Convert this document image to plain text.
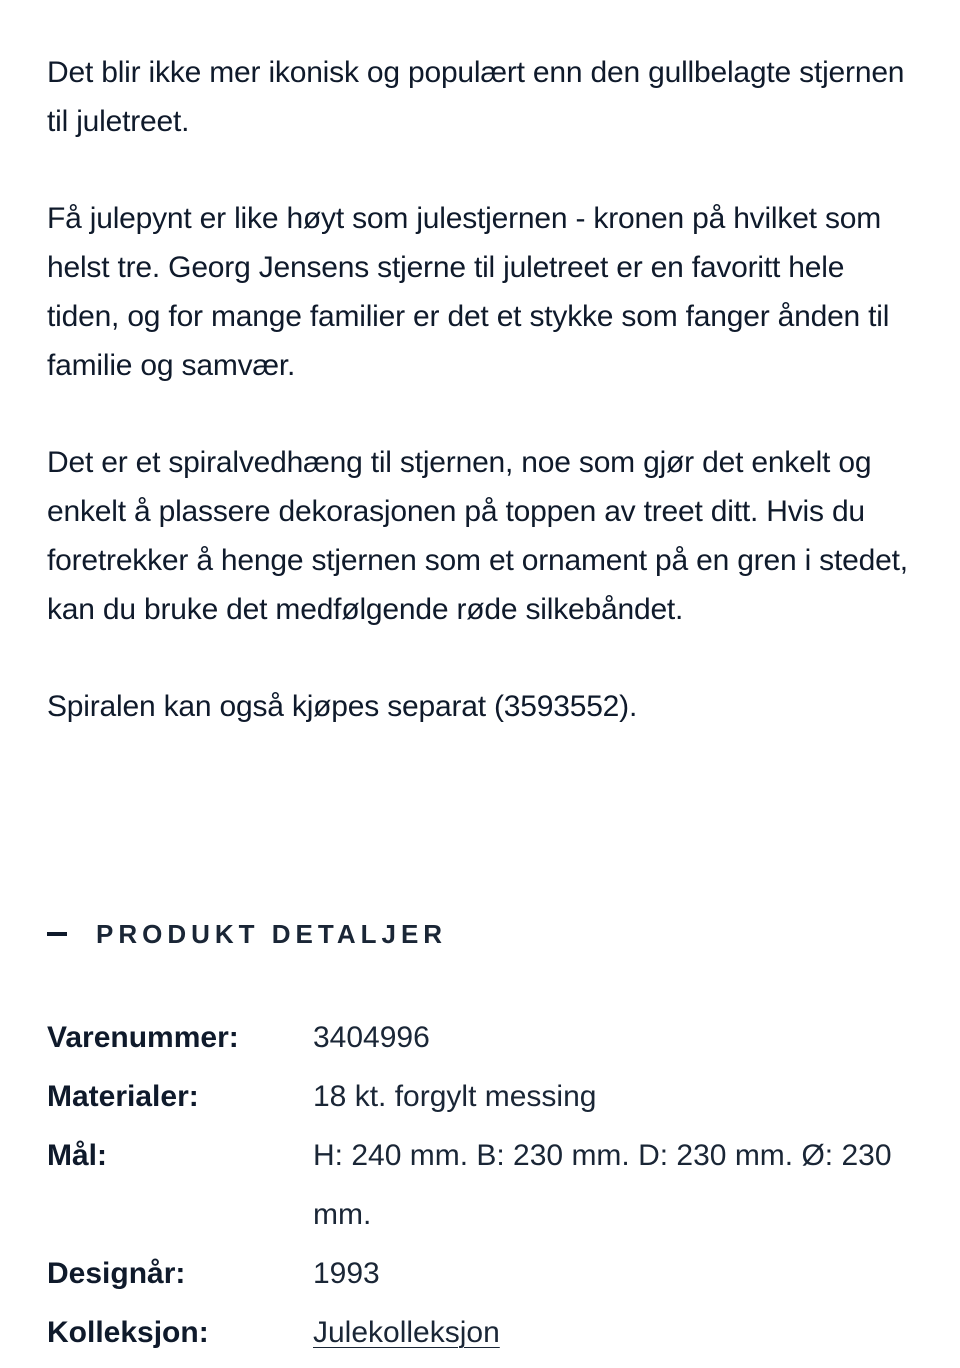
Det blir ikke mer ikonisk og populært enn den gullbelagte stjernen til juletreet.

Få julepynt er like høyt som julestjernen - kronen på hvilket som helst tre. Georg Jensens stjerne til juletreet er en favoritt hele tiden, og for mange familier er det et stykke som fanger ånden til familie og samvær.

Det er et spiralvedhæng til stjernen, noe som gjør det enkelt og enkelt å plassere dekorasjonen på toppen av treet ditt. Hvis du foretrekker å henge stjernen som et ornament på en gren i stedet, kan du bruke det medfølgende røde silkebåndet.

Spiralen kan også kjøpes separat (3593552).

PRODUKT DETALJER
Varenummer:	3404996
Materialer:	18 kt. forgylt messing
Mål:	H: 240 mm. B: 230 mm. D: 230 mm. Ø: 230 mm.
Designår:	1993
Kolleksjon:	Julekolleksjon
